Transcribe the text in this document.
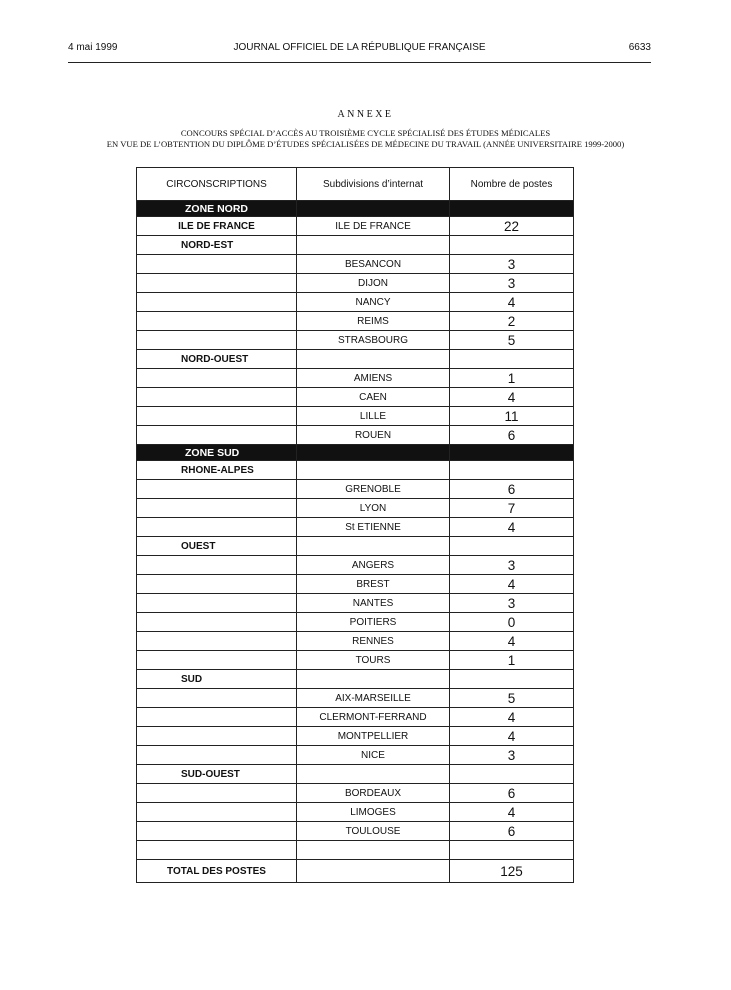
4 mai 1999	JOURNAL OFFICIEL DE LA RÉPUBLIQUE FRANÇAISE	6633
ANNEXE
CONCOURS SPÉCIAL D’ACCÈS AU TROISIÈME CYCLE SPÉCIALISÉ DES ÉTUDES MÉDICALES
EN VUE DE L’OBTENTION DU DIPLÔME D’ÉTUDES SPÉCIALISÉES DE MÉDECINE DU TRAVAIL (ANNÉE UNIVERSITAIRE 1999-2000)
CIRCONSCRIPTIONS	Subdivisions d’internat	Nombre de postes
ZONE NORD		
ILE DE FRANCE	ILE DE FRANCE	22
NORD-EST		
	BESANCON	3
	DIJON	3
	NANCY	4
	REIMS	2
	STRASBOURG	5
NORD-OUEST		
	AMIENS	1
	CAEN	4
	LILLE	11
	ROUEN	6
ZONE SUD		
RHONE-ALPES		
	GRENOBLE	6
	LYON	7
	St ETIENNE	4
OUEST		
	ANGERS	3
	BREST	4
	NANTES	3
	POITIERS	0
	RENNES	4
	TOURS	1
SUD		
	AIX-MARSEILLE	5
	CLERMONT-FERRAND	4
	MONTPELLIER	4
	NICE	3
SUD-OUEST		
	BORDEAUX	6
	LIMOGES	4
	TOULOUSE	6

TOTAL DES POSTES		125
